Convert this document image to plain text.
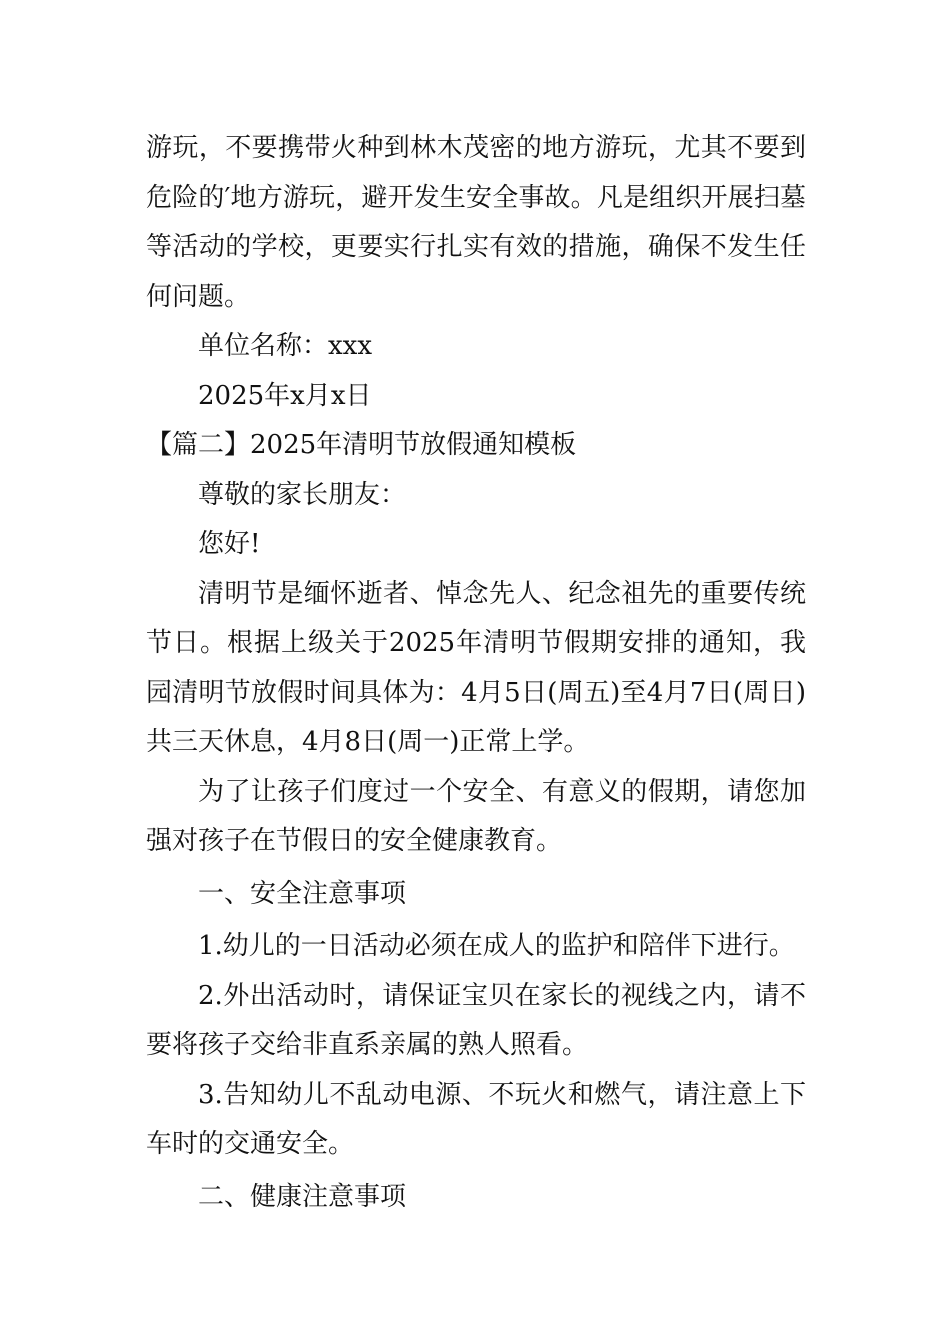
游玩，不要携带火种到林木茂密的地方游玩，尤其不要到危险的′地方游玩，避开发生安全事故。凡是组织开展扫墓等活动的学校，更要实行扎实有效的措施，确保不发生任何问题。

单位名称：xxx

2025年x月x日

【篇二】2025年清明节放假通知模板

尊敬的家长朋友：

您好!

清明节是缅怀逝者、悼念先人、纪念祖先的重要传统节日。根据上级关于2025年清明节假期安排的通知，我园清明节放假时间具体为：4月5日(周五)至4月7日(周日)共三天休息，4月8日(周一)正常上学。

为了让孩子们度过一个安全、有意义的假期，请您加强对孩子在节假日的安全健康教育。

一、安全注意事项

1.幼儿的一日活动必须在成人的监护和陪伴下进行。

2.外出活动时，请保证宝贝在家长的视线之内，请不要将孩子交给非直系亲属的熟人照看。

3.告知幼儿不乱动电源、不玩火和燃气，请注意上下车时的交通安全。

二、健康注意事项
